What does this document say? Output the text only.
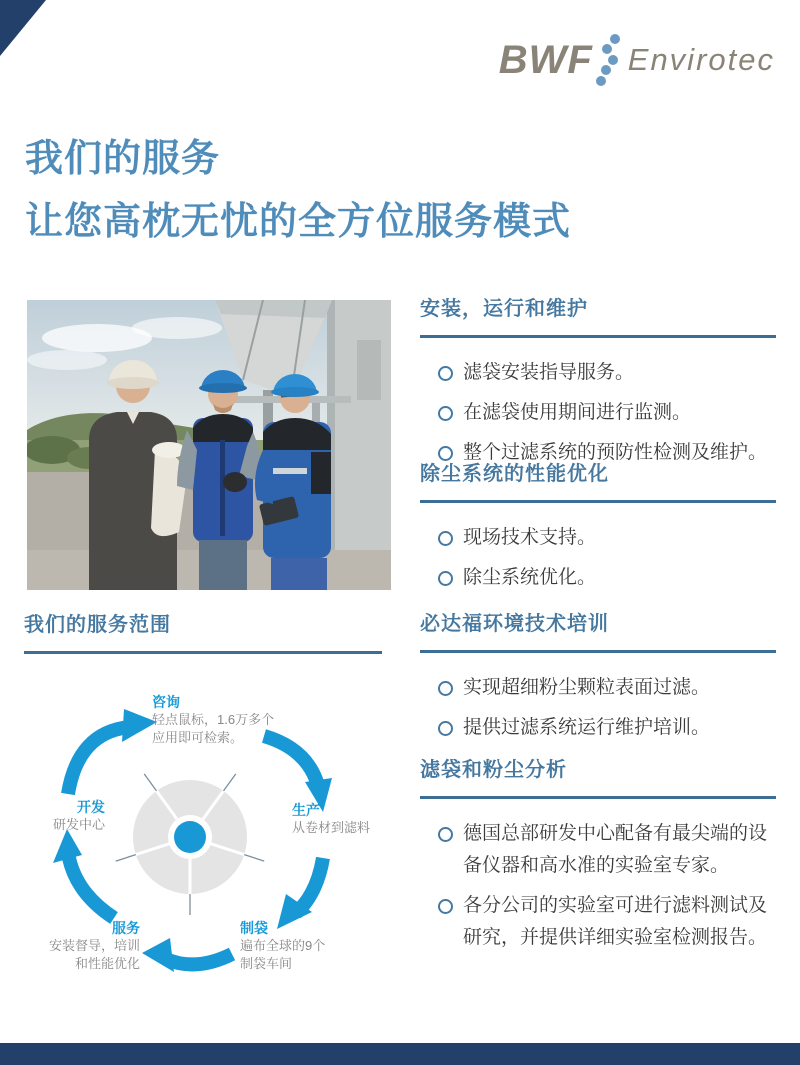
BWF Envirotec
我们的服务
让您高枕无忧的全方位服务模式
我们的服务范围
咨询
轻点鼠标，1.6万多个
应用即可检索。
生产
从卷材到滤料
制袋
遍布全球的9个
制袋车间
服务
安装督导，培训
和性能优化
开发
研发中心
安装，运行和维护
滤袋安装指导服务。
在滤袋使用期间进行监测。
整个过滤系统的预防性检测及维护。
除尘系统的性能优化
现场技术支持。
除尘系统优化。
必达福环境技术培训
实现超细粉尘颗粒表面过滤。
提供过滤系统运行维护培训。
滤袋和粉尘分析
德国总部研发中心配备有最尖端的设备仪器和高水准的实验室专家。
各分公司的实验室可进行滤料测试及研究，并提供详细实验室检测报告。
